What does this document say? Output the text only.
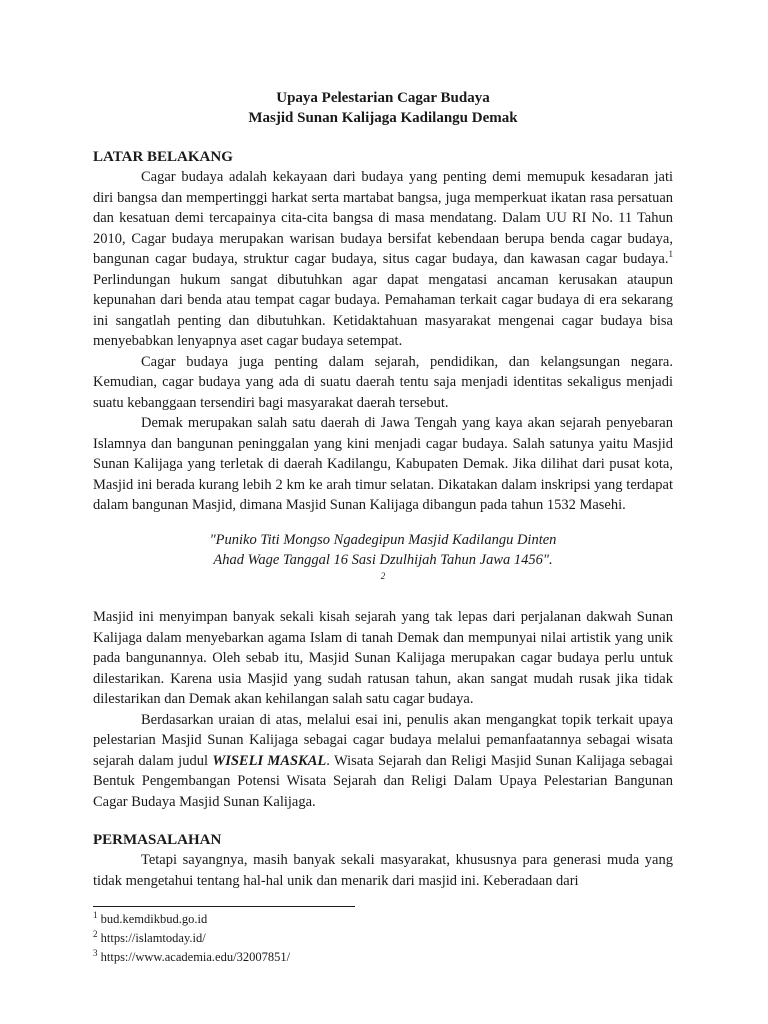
Upaya Pelestarian Cagar Budaya
Masjid Sunan Kalijaga Kadilangu Demak
LATAR BELAKANG

Cagar budaya adalah kekayaan dari budaya yang penting demi memupuk kesadaran jati diri bangsa dan mempertinggi harkat serta martabat bangsa, juga memperkuat ikatan rasa persatuan dan kesatuan demi tercapainya cita-cita bangsa di masa mendatang. Dalam UU RI No. 11 Tahun 2010, Cagar budaya merupakan warisan budaya bersifat kebendaan berupa benda cagar budaya, bangunan cagar budaya, struktur cagar budaya, situs cagar budaya, dan kawasan cagar budaya.$^1$ Perlindungan hukum sangat dibutuhkan agar dapat mengatasi ancaman kerusakan ataupun kepunahan dari benda atau tempat cagar budaya. Pemahaman terkait cagar budaya di era sekarang ini sangatlah penting dan dibutuhkan. Ketidaktahuan masyarakat mengenai cagar budaya bisa menyebabkan lenyapnya aset cagar budaya setempat.

Cagar budaya juga penting dalam sejarah, pendidikan, dan kelangsungan negara. Kemudian, cagar budaya yang ada di suatu daerah tentu saja menjadi identitas sekaligus menjadi suatu kebanggaan tersendiri bagi masyarakat daerah tersebut.

Demak merupakan salah satu daerah di Jawa Tengah yang kaya akan sejarah penyebaran Islamnya dan bangunan peninggalan yang kini menjadi cagar budaya. Salah satunya yaitu Masjid Sunan Kalijaga yang terletak di daerah Kadilangu, Kabupaten Demak. Jika dilihat dari pusat kota, Masjid ini berada kurang lebih 2 km ke arah timur selatan. Dikatakan dalam inskripsi yang terdapat dalam bangunan Masjid, dimana Masjid Sunan Kalijaga dibangun pada tahun 1532 Masehi.

"Puniko Titi Mongso Ngadegipun Masjid Kadilangu Dinten
Ahad Wage Tanggal 16 Sasi Dzulhijah Tahun Jawa 1456".
$^2$

Masjid ini menyimpan banyak sekali kisah sejarah yang tak lepas dari perjalanan dakwah Sunan Kalijaga dalam menyebarkan agama Islam di tanah Demak dan mempunyai nilai artistik yang unik pada bangunannya. Oleh sebab itu, Masjid Sunan Kalijaga merupakan cagar budaya perlu untuk dilestarikan. Karena usia Masjid yang sudah ratusan tahun, akan sangat mudah rusak jika tidak dilestarikan dan Demak akan kehilangan salah satu cagar budaya.

Berdasarkan uraian di atas, melalui esai ini, penulis akan mengangkat topik terkait upaya pelestarian Masjid Sunan Kalijaga sebagai cagar budaya melalui pemanfaatannya sebagai wisata sejarah dalam judul WISELI MASKAL. Wisata Sejarah dan Religi Masjid Sunan Kalijaga sebagai Bentuk Pengembangan Potensi Wisata Sejarah dan Religi Dalam Upaya Pelestarian Bangunan Cagar Budaya Masjid Sunan Kalijaga.

PERMASALAHAN

Tetapi sayangnya, masih banyak sekali masyarakat, khususnya para generasi muda yang tidak mengetahui tentang hal-hal unik dan menarik dari masjid ini. Keberadaan dari

$^1$ bud.kemdikbud.go.id
$^2$ https://islamtoday.id/
$^3$ https://www.academia.edu/32007851/
